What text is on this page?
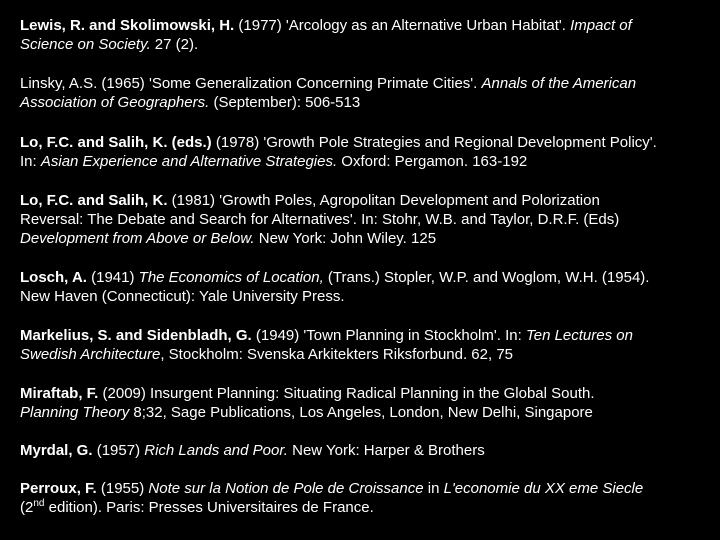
Lewis, R. and Skolimowski, H. (1977) 'Arcology as an Alternative Urban Habitat'. Impact of
Science on Society. 27 (2).
Linsky, A.S. (1965) 'Some Generalization Concerning Primate Cities'. Annals of the American
Association of Geographers. (September): 506-513
Lo, F.C. and Salih, K. (eds.) (1978) 'Growth Pole Strategies and Regional Development Policy'.
In: Asian Experience and Alternative Strategies. Oxford: Pergamon. 163-192
Lo, F.C. and Salih, K. (1981) 'Growth Poles, Agropolitan Development and Polorization
Reversal: The Debate and Search for Alternatives'. In: Stohr, W.B. and Taylor, D.R.F. (Eds)
Development from Above or Below. New York: John Wiley. 125
Losch, A. (1941) The Economics of Location, (Trans.) Stopler, W.P. and Woglom, W.H. (1954).
New Haven (Connecticut): Yale University Press.
Markelius, S. and Sidenbladh, G. (1949) 'Town Planning in Stockholm'. In: Ten Lectures on
Swedish Architecture, Stockholm: Svenska Arkitekters Riksforbund. 62, 75
Miraftab, F. (2009) Insurgent Planning: Situating Radical Planning in the Global South.
Planning Theory 8;32, Sage Publications, Los Angeles, London, New Delhi, Singapore
Myrdal, G. (1957) Rich Lands and Poor. New York: Harper & Brothers
Perroux, F. (1955) Note sur la Notion de Pole de Croissance in L'economie du XX eme Siecle
(2nd edition). Paris: Presses Universitaires de France.
